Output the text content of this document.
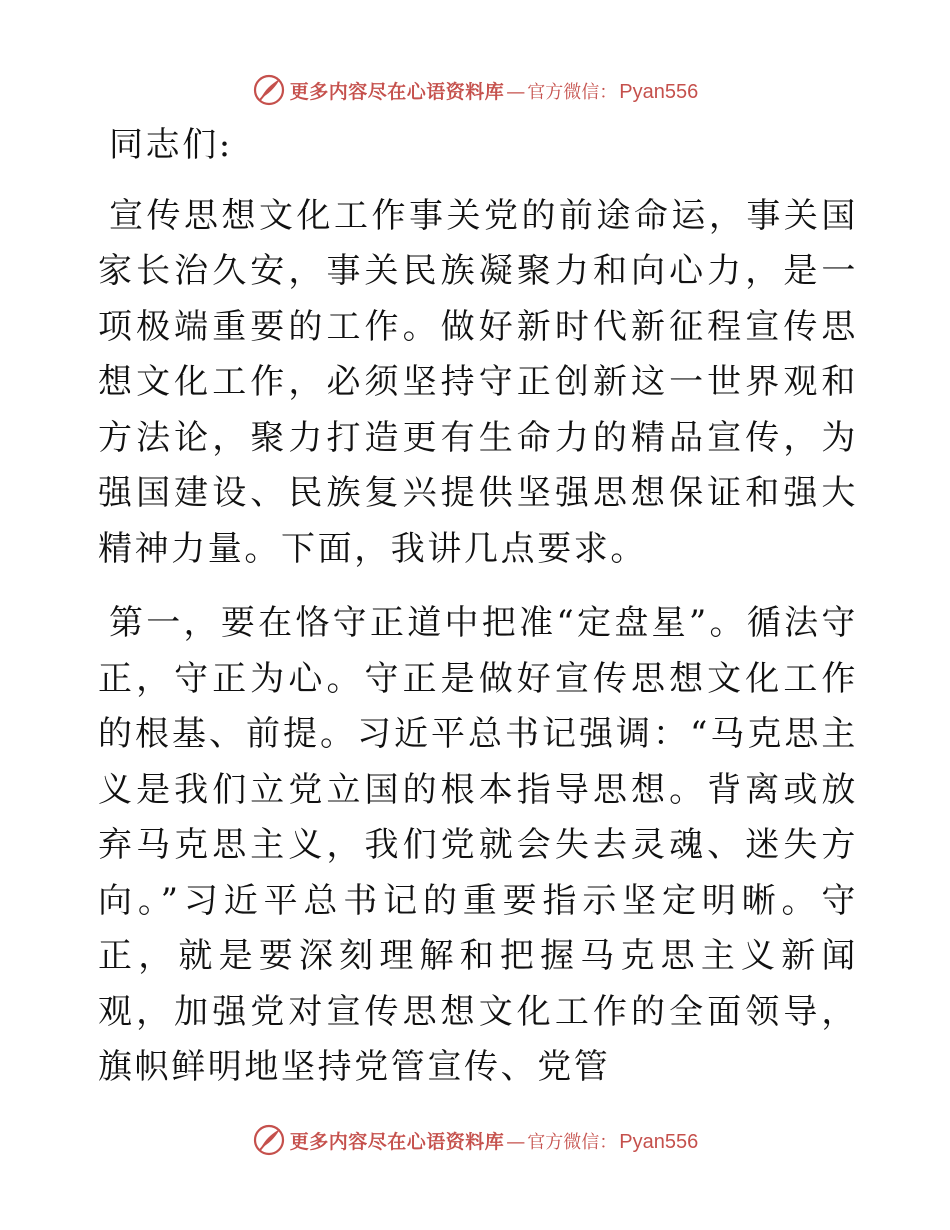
更多内容尽在心语资料库 — 官方微信： Pyan556

同志们:

宣传思想文化工作事关党的前途命运，事关国家长治久安，事关民族凝聚力和向心力，是一项极端重要的工作。做好新时代新征程宣传思想文化工作，必须坚持守正创新这一世界观和方法论，聚力打造更有生命力的精品宣传，为强国建设、民族复兴提供坚强思想保证和强大精神力量。下面，我讲几点要求。

第一，要在恪守正道中把准“定盘星”。循法守正，守正为心。守正是做好宣传思想文化工作的根基、前提。习近平总书记强调：“马克思主义是我们立党立国的根本指导思想。背离或放弃马克思主义，我们党就会失去灵魂、迷失方向。”习近平总书记的重要指示坚定明晰。守正，就是要深刻理解和把握马克思主义新闻观，加强党对宣传思想文化工作的全面领导，旗帜鲜明地坚持党管宣传、党管

更多内容尽在心语资料库 — 官方微信： Pyan556
